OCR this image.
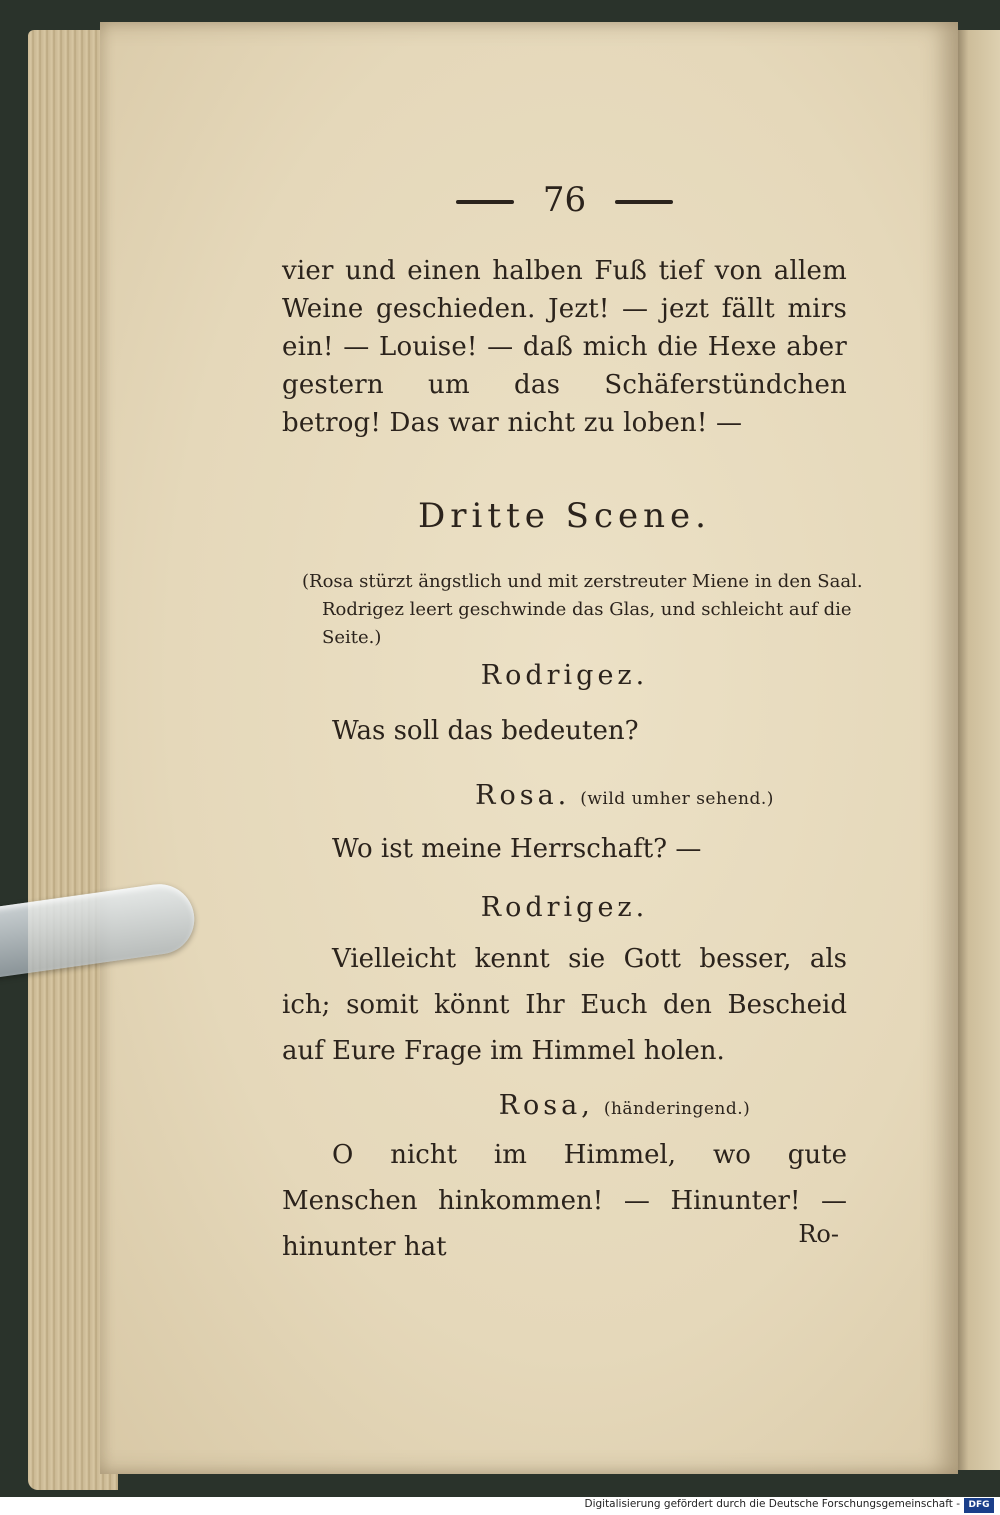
76

vier und einen halben Fuß tief von allem Weine geschieden. Jezt! — jezt fällt mirs ein! — Louise! — daß mich die Hexe aber gestern um das Schäferstündchen betrog! Das war nicht zu loben! —

Dritte Scene.
(Rosa stürzt ängstlich und mit zerstreuter Miene in den Saal. Rodrigez leert geschwinde das Glas, und schleicht auf die Seite.)
Rodrigez.
Was soll das bedeuten?
Rosa. (wild umher sehend.)
Wo ist meine Herrschaft? —
Rodrigez.
Vielleicht kennt sie Gott besser, als ich; somit könnt Ihr Euch den Bescheid auf Eure Frage im Himmel holen.
Rosa, (händeringend.)
O nicht im Himmel, wo gute Menschen hinkommen! — Hinunter! — hinunter hat	Ro-
Digitalisierung gefördert durch die Deutsche Forschungsgemeinschaft - DFG
